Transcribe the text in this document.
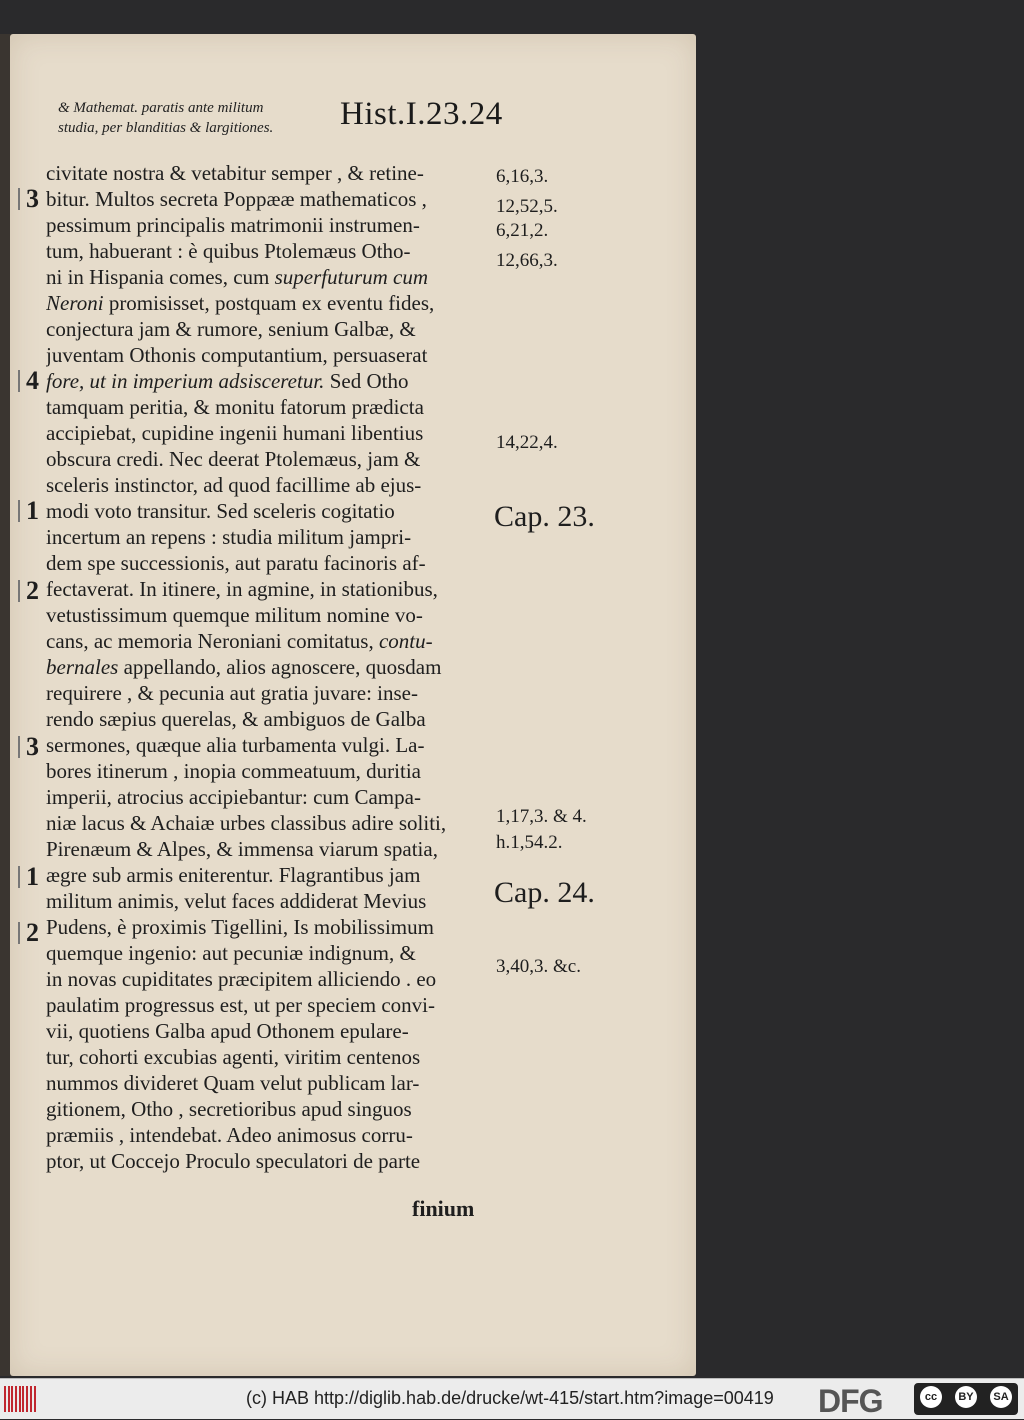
& Mathemat. paratis ante militum
studia, per blanditias & largitiones.	Hist.I.23.24
civitate nostra & vetabitur semper , & retine-
bitur. Multos secreta Poppææ mathematicos ,
pessimum principalis matrimonii instrumen-
tum, habuerant : è quibus Ptolemæus Otho-
ni in Hispania comes, cum superfuturum cum
Neroni promisisset, postquam ex eventu fides,
conjectura jam & rumore, senium Galbæ, &
juventam Othonis computantium, persuaserat
fore, ut in imperium adsisceretur. Sed Otho
tamquam peritia, & monitu fatorum prædicta
accipiebat, cupidine ingenii humani libentius
obscura credi. Nec deerat Ptolemæus, jam &
sceleris instinctor, ad quod facillime ab ejus-
modi voto transitur. Sed sceleris cogitatio
incertum an repens : studia militum jampri-
dem spe successionis, aut paratu facinoris af-
fectaverat. In itinere, in agmine, in stationibus,
vetustissimum quemque militum nomine vo-
cans, ac memoria Neroniani comitatus, contu-
bernales appellando, alios agnoscere, quosdam
requirere , & pecunia aut gratia juvare: inse-
rendo sæpius querelas, & ambiguos de Galba
sermones, quæque alia turbamenta vulgi. La-
bores itinerum , inopia commeatuum, duritia
imperii, atrocius accipiebantur: cum Campa-
niæ lacus & Achaiæ urbes classibus adire soliti,
Pirenæum & Alpes, & immensa viarum spatia,
ægre sub armis eniterentur. Flagrantibus jam
militum animis, velut faces addiderat Mevius
Pudens, è proximis Tigellini, Is mobilissimum
quemque ingenio: aut pecuniæ indignum, &
in novas cupiditates præcipitem alliciendo . eo
paulatim progressus est, ut per speciem convi-
vii, quotiens Galba apud Othonem epulare-
tur, cohorti excubias agenti, viritim centenos
nummos divideret Quam velut publicam lar-
gitionem, Otho , secretioribus apud singuos
præmiis , intendebat. Adeo animosus corru-
ptor, ut Coccejo Proculo speculatori de parte
3
4
1
2
3
1
2
6,16,3.
12,52,5.
6,21,2.
12,66,3.
14,22,4.
1,17,3. & 4.
h.1,54.2.
3,40,3. &c.
Cap. 23.
Cap. 24.
finium
(c) HAB http://diglib.hab.de/drucke/wt-415/start.htm?image=00419 DFG	cc	BY	SA
